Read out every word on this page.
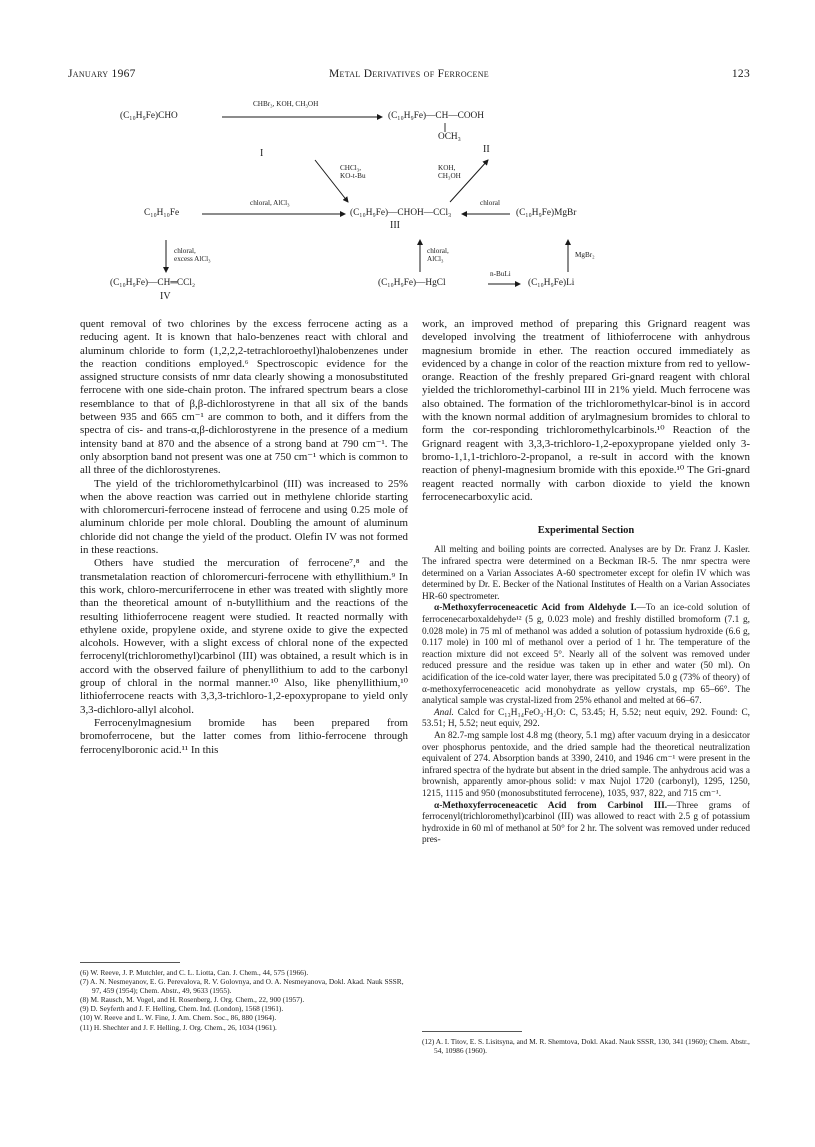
January 1967	Metal Derivatives of Ferrocene	123
(C₁₀H₉Fe)CHO
CHBr₃, KOH, CH₃OH
(C₁₀H₉Fe)—CH—COOH
OCH₃
I	II
CHCl₃,
KO-t-Bu
KOH,
CH₃OH
C₁₀H₁₀Fe
chloral, AlCl₃
(C₁₀H₉Fe)—CHOH—CCl₃
chloral
(C₁₀H₉Fe)MgBr
III
chloral,
excess AlCl₃
chloral,
AlCl₃	MgBr₂
(C₁₀H₉Fe)—CH═CCl₂
IV
(C₁₀H₉Fe)—HgCl
n-BuLi
(C₁₀H₉Fe)Li

quent removal of two chlorines by the excess ferrocene acting as a reducing agent. It is known that halo-benzenes react with chloral and aluminum chloride to form (1,2,2,2-tetrachloroethyl)halobenzenes under the reaction conditions employed.⁶ Spectroscopic evidence for the assigned structure consists of nmr data clearly showing a monosubstituted ferrocene with one side-chain proton. The infrared spectrum bears a close resemblance to that of β,β-dichlorostyrene in that all six of the bands between 935 and 665 cm⁻¹ are common to both, and it differs from the spectra of cis- and trans-α,β-dichlorostyrene in the presence of a medium intensity band at 870 and the absence of a strong band at 790 cm⁻¹. The only absorption band not present was one at 750 cm⁻¹ which is common to all three of the dichlorostyrenes.

The yield of the trichloromethylcarbinol (III) was increased to 25% when the above reaction was carried out in methylene chloride starting with chloromercuri-ferrocene instead of ferrocene and using 0.25 mole of aluminum chloride per mole chloral. Doubling the amount of aluminum chloride did not change the yield of the product. Olefin IV was not formed in these reactions.

Others have studied the mercuration of ferrocene⁷,⁸ and the transmetalation reaction of chloromercuri-ferrocene with ethyllithium.⁹ In this work, chloro-mercuriferrocene in ether was treated with slightly more than the theoretical amount of n-butyllithium and the reactions of the resulting lithioferrocene reagent were studied. It reacted normally with ethylene oxide, propylene oxide, and styrene oxide to give the expected alcohols. However, with a slight excess of chloral none of the expected ferrocenyl(trichloromethyl)carbinol (III) was obtained, a result which is in accord with the observed failure of phenyllithium to add to the carbonyl group of chloral in the normal manner.¹⁰ Also, like phenyllithium,¹⁰ lithioferrocene reacts with 3,3,3-trichloro-1,2-epoxypropane to yield only 3,3-dichloro-allyl alcohol.

Ferrocenylmagnesium bromide has been prepared from bromoferrocene, but the latter comes from lithio-ferrocene through ferrocenylboronic acid.¹¹ In this

(6) W. Reeve, J. P. Mutchler, and C. L. Liotta, Can. J. Chem., 44, 575 (1966).

(7) A. N. Nesmeyanov, E. G. Perevalova, R. V. Golovnya, and O. A. Nesmeyanova, Dokl. Akad. Nauk SSSR, 97, 459 (1954); Chem. Abstr., 49, 9633 (1955).

(8) M. Rausch, M. Vogel, and H. Rosenberg, J. Org. Chem., 22, 900 (1957).

(9) D. Seyferth and J. F. Helling, Chem. Ind. (London), 1568 (1961).

(10) W. Reeve and L. W. Fine, J. Am. Chem. Soc., 86, 880 (1964).

(11) H. Shechter and J. F. Helling, J. Org. Chem., 26, 1034 (1961).

work, an improved method of preparing this Grignard reagent was developed involving the treatment of lithioferrocene with anhydrous magnesium bromide in ether. The reaction occured immediately as evidenced by a change in color of the reaction mixture from red to yellow-orange. Reaction of the freshly prepared Gri-gnard reagent with chloral yielded the trichloromethyl-carbinol III in 21% yield. Much ferrocene was also obtained. The formation of the trichloromethylcar-binol is in accord with the known normal addition of arylmagnesium bromides to chloral to form the cor-responding trichloromethylcarbinols.¹⁰ Reaction of the Grignard reagent with 3,3,3-trichloro-1,2-epoxypropane yielded only 3-bromo-1,1,1-trichloro-2-propanol, a re-sult in accord with the known reaction of phenyl-magnesium bromide with this epoxide.¹⁰ The Gri-gnard reagent reacted normally with carbon dioxide to yield the known ferrocenecarboxylic acid.

Experimental Section

All melting and boiling points are corrected. Analyses are by Dr. Franz J. Kasler. The infrared spectra were determined on a Beckman IR-5. The nmr spectra were determined on a Varian Associates A-60 spectrometer except for olefin IV which was determined by Dr. E. Becker of the National Institutes of Health on a Varian Associates HR-60 spectrometer.

α-Methoxyferroceneacetic Acid from Aldehyde I.—To an ice-cold solution of ferrocenecarboxaldehyde¹² (5 g, 0.023 mole) and freshly distilled bromoform (7.1 g, 0.028 mole) in 75 ml of methanol was added a solution of potassium hydroxide (6.6 g, 0.117 mole) in 100 ml of methanol over a period of 1 hr. The temperature of the reaction mixture did not exceed 5°. Nearly all of the solvent was removed under reduced pressure and the residue was taken up in ether and water (50 ml). On acidification of the ice-cold water layer, there was precipitated 5.0 g (73% of theory) of α-methoxyferroceneacetic acid monohydrate as yellow crystals, mp 65–66°. The analytical sample was crystal-lized from 25% ethanol and melted at 66–67.

Anal. Calcd for C₁₃H₁₄FeO₃·H₂O: C, 53.45; H, 5.52; neut equiv, 292. Found: C, 53.51; H, 5.52; neut equiv, 292.

An 82.7-mg sample lost 4.8 mg (theory, 5.1 mg) after vacuum drying in a desiccator over phosphorus pentoxide, and the dried sample had the theoretical neutralization equivalent of 274. Absorption bands at 3390, 2410, and 1946 cm⁻¹ were present in the infrared spectra of the hydrate but absent in the dried sample. The anhydrous acid was a brownish, apparently amor-phous solid: ν max Nujol 1720 (carbonyl), 1295, 1250, 1215, 1115 and 950 (monosubstituted ferrocene), 1035, 937, 822, and 715 cm⁻¹.

α-Methoxyferroceneacetic Acid from Carbinol III.—Three grams of ferrocenyl(trichloromethyl)carbinol (III) was allowed to react with 2.5 g of potassium hydroxide in 60 ml of methanol at 50° for 2 hr. The solvent was removed under reduced pres-

(12) A. I. Titov, E. S. Lisitsyna, and M. R. Shemtova, Dokl. Akad. Nauk SSSR, 130, 341 (1960); Chem. Abstr., 54, 10986 (1960).
